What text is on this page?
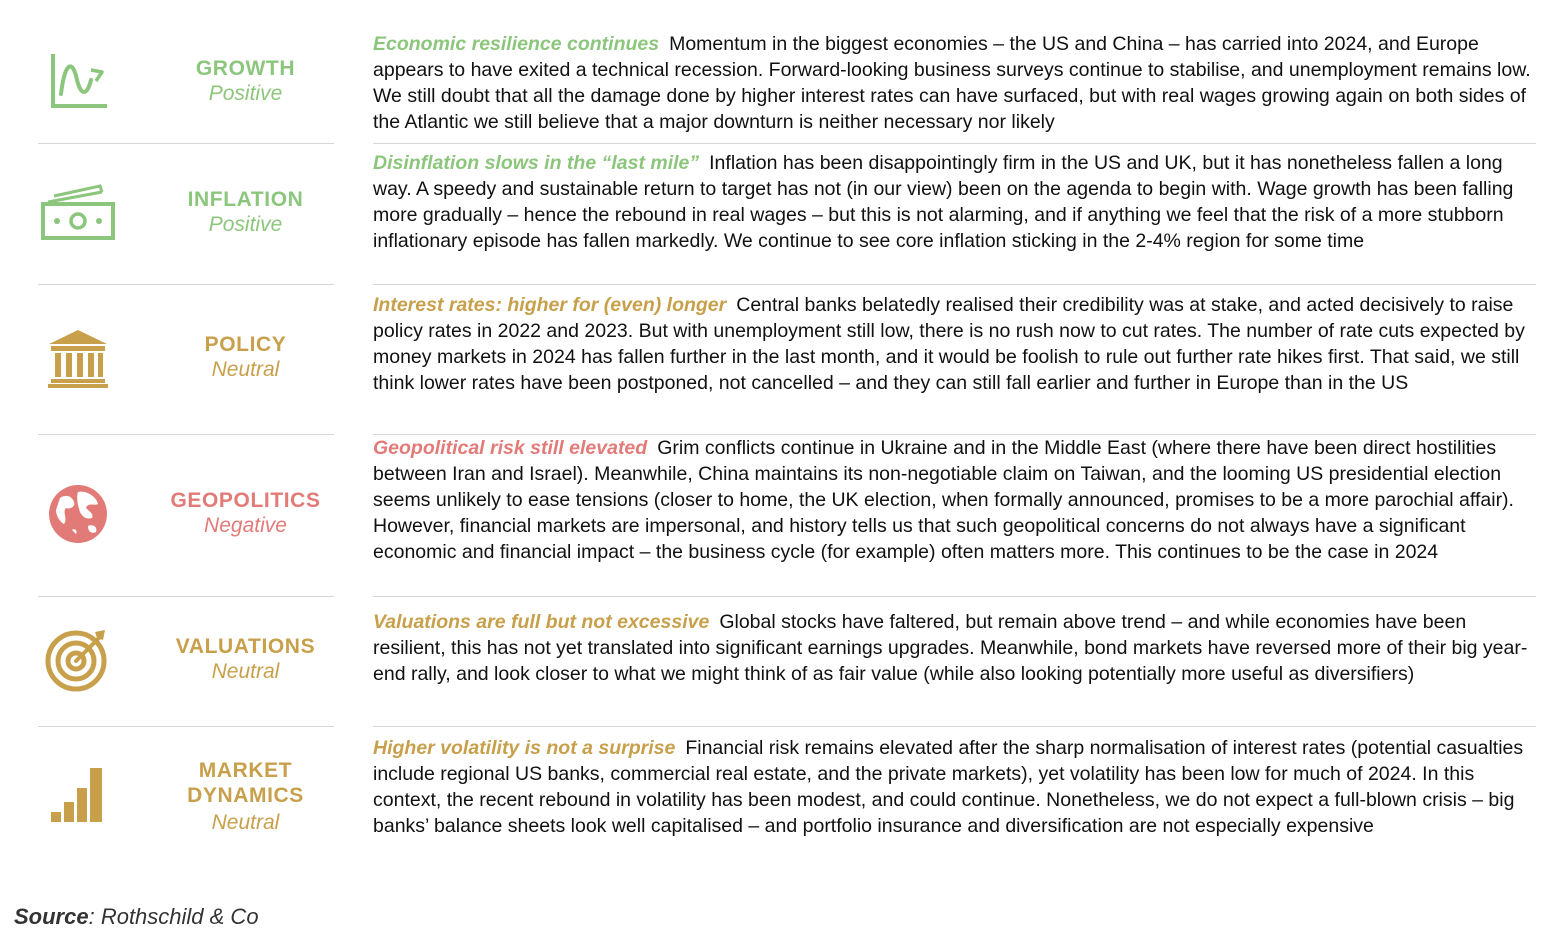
GROWTH
Positive
Economic resilience continues Momentum in the biggest economies – the US and China – has carried into 2024, and Europe appears to have exited a technical recession. Forward-looking business surveys continue to stabilise, and unemployment remains low. We still doubt that all the damage done by higher interest rates can have surfaced, but with real wages growing again on both sides of the Atlantic we still believe that a major downturn is neither necessary nor likely
INFLATION
Positive
Disinflation slows in the “last mile” Inflation has been disappointingly firm in the US and UK, but it has nonetheless fallen a long way. A speedy and sustainable return to target has not (in our view) been on the agenda to begin with. Wage growth has been falling more gradually – hence the rebound in real wages – but this is not alarming, and if anything we feel that the risk of a more stubborn inflationary episode has fallen markedly. We continue to see core inflation sticking in the 2-4% region for some time
POLICY
Neutral
Interest rates: higher for (even) longer Central banks belatedly realised their credibility was at stake, and acted decisively to raise policy rates in 2022 and 2023. But with unemployment still low, there is no rush now to cut rates. The number of rate cuts expected by money markets in 2024 has fallen further in the last month, and it would be foolish to rule out further rate hikes first. That said, we still think lower rates have been postponed, not cancelled – and they can still fall earlier and further in Europe than in the US
GEOPOLITICS
Negative
Geopolitical risk still elevated Grim conflicts continue in Ukraine and in the Middle East (where there have been direct hostilities between Iran and Israel). Meanwhile, China maintains its non-negotiable claim on Taiwan, and the looming US presidential election seems unlikely to ease tensions (closer to home, the UK election, when formally announced, promises to be a more parochial affair). However, financial markets are impersonal, and history tells us that such geopolitical concerns do not always have a significant economic and financial impact – the business cycle (for example) often matters more. This continues to be the case in 2024
VALUATIONS
Neutral
Valuations are full but not excessive Global stocks have faltered, but remain above trend – and while economies have been resilient, this has not yet translated into significant earnings upgrades. Meanwhile, bond markets have reversed more of their big year-end rally, and look closer to what we might think of as fair value (while also looking potentially more useful as diversifiers)
MARKET
DYNAMICS
Neutral
Higher volatility is not a surprise Financial risk remains elevated after the sharp normalisation of interest rates (potential casualties include regional US banks, commercial real estate, and the private markets), yet volatility has been low for much of 2024. In this context, the recent rebound in volatility has been modest, and could continue. Nonetheless, we do not expect a full-blown crisis – big banks’ balance sheets look well capitalised – and portfolio insurance and diversification are not especially expensive
Source: Rothschild & Co
